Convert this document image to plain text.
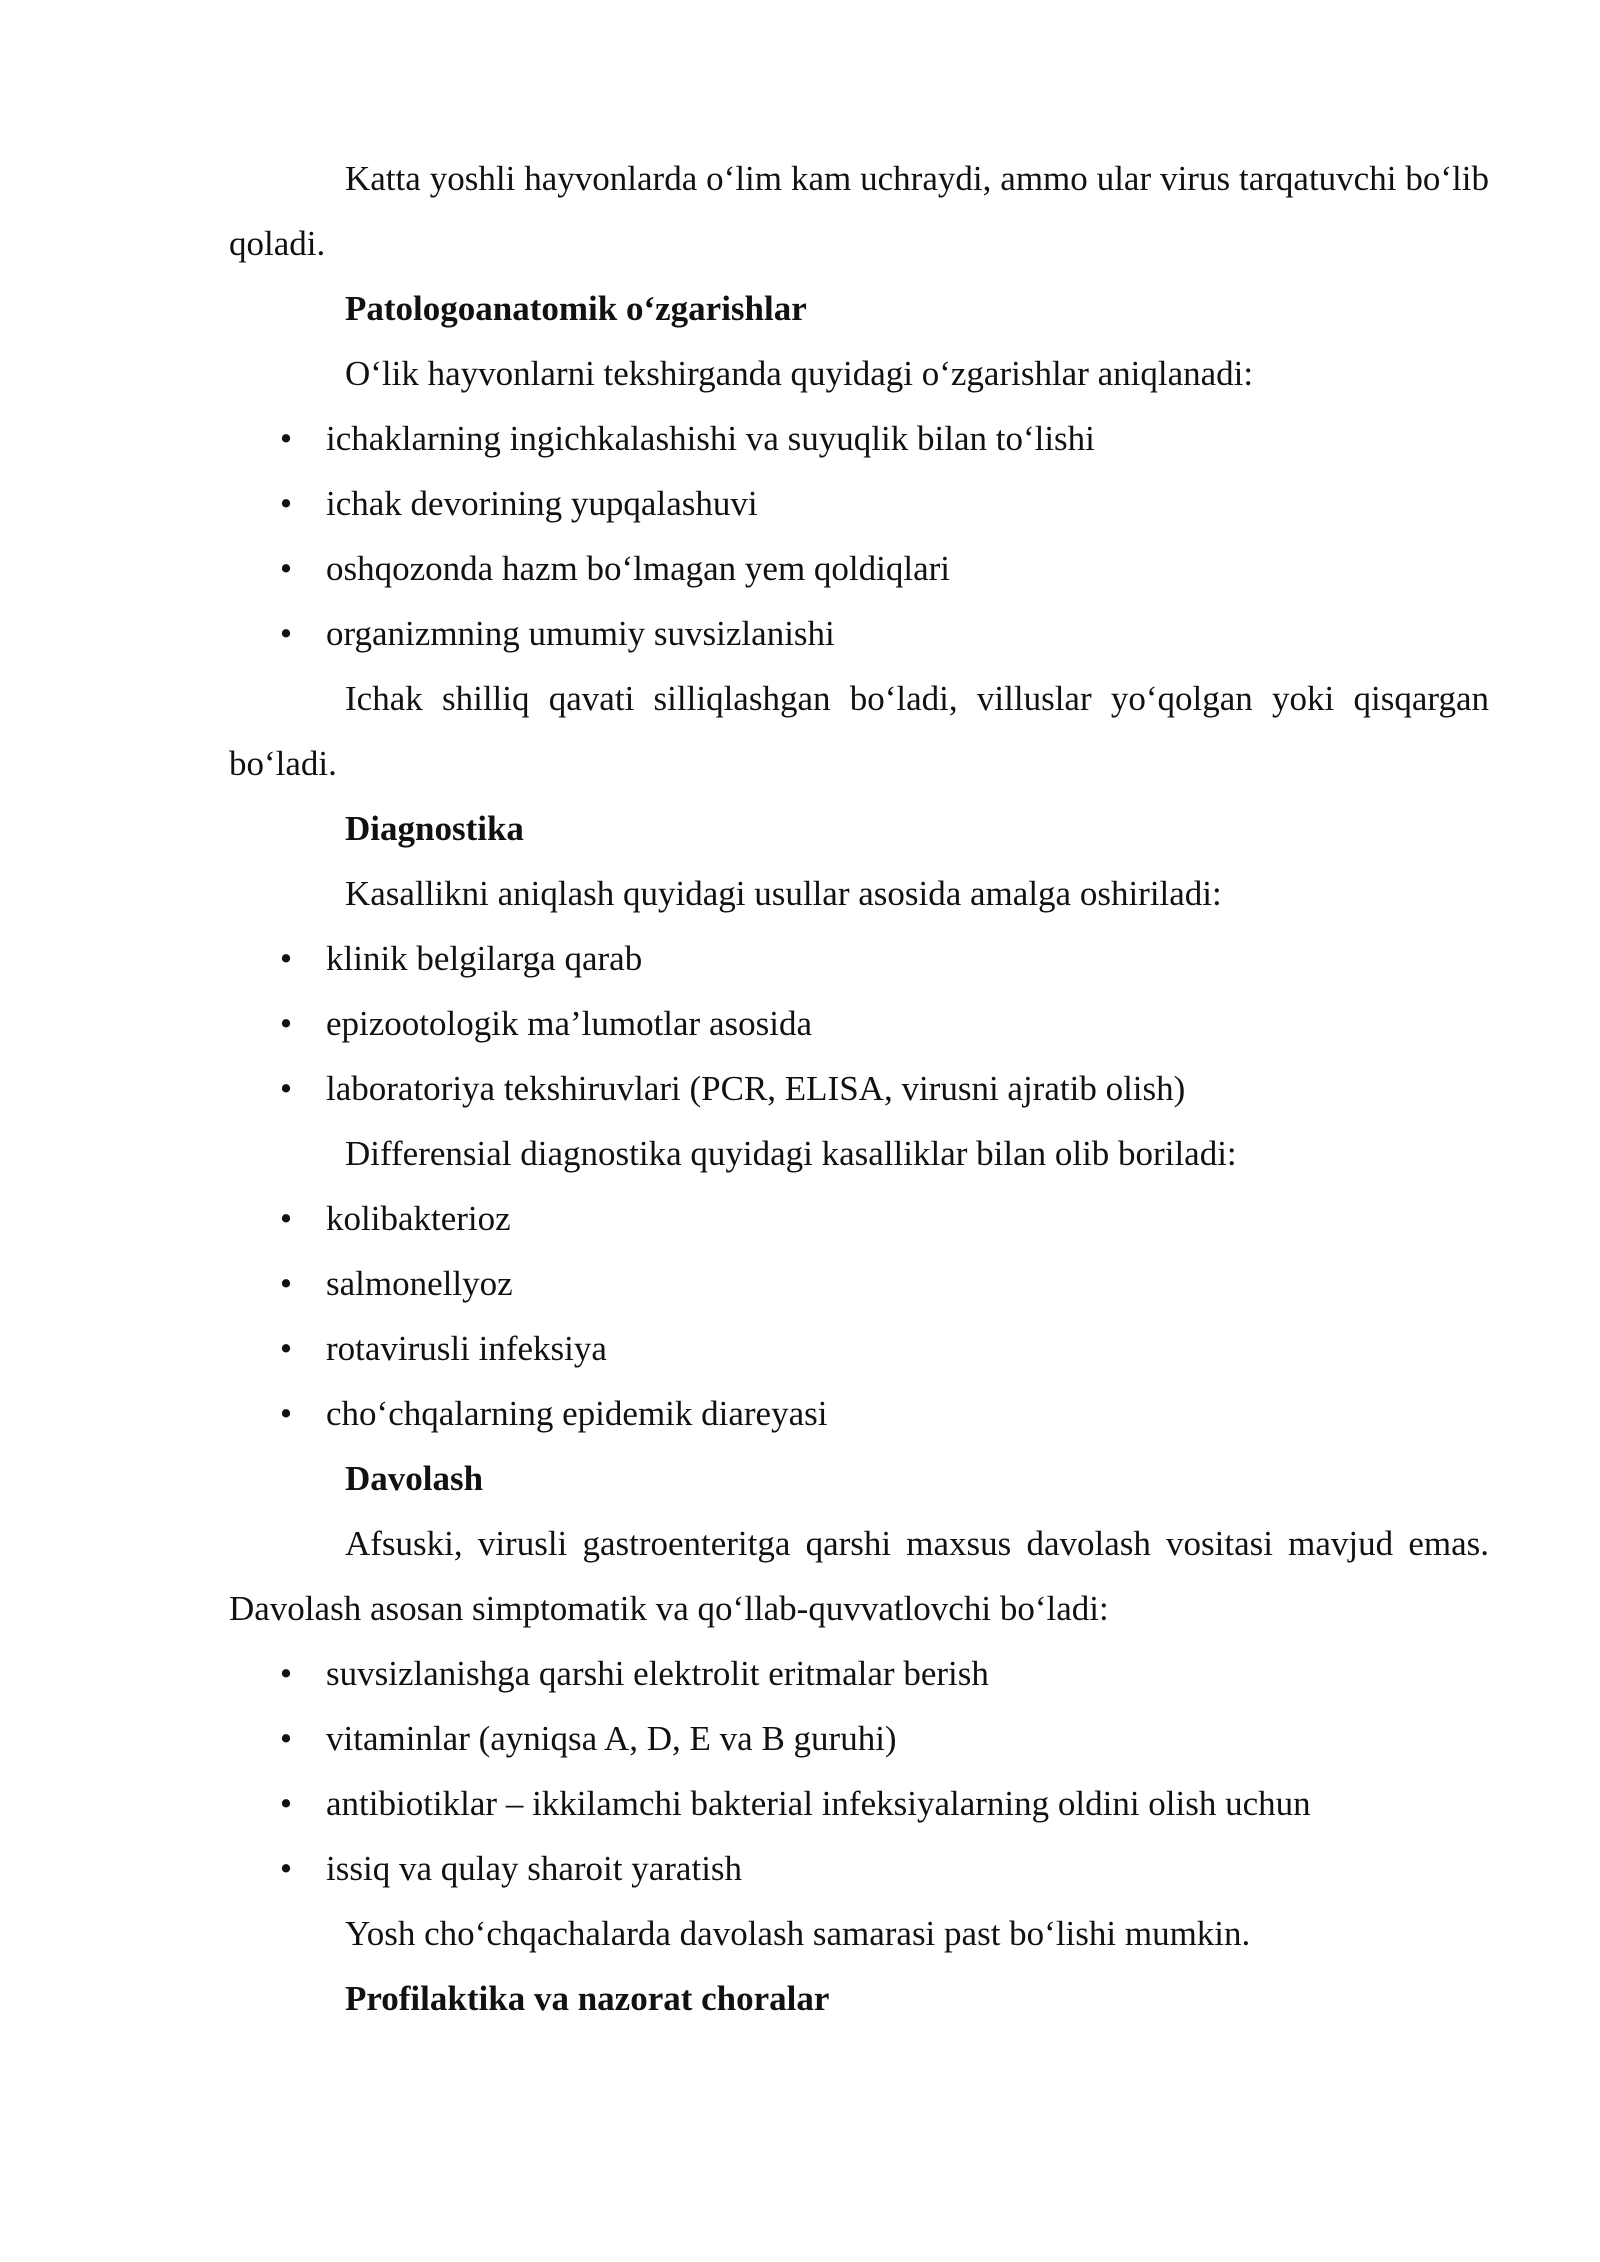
Katta yoshli hayvonlarda o‘lim kam uchraydi, ammo ular virus tarqatuvchi bo‘lib qoladi.

Patologoanatomik o‘zgarishlar

O‘lik hayvonlarni tekshirganda quyidagi o‘zgarishlar aniqlanadi:

• ichaklarning ingichkalashishi va suyuqlik bilan to‘lishi
• ichak devorining yupqalashuvi
• oshqozonda hazm bo‘lmagan yem qoldiqlari
• organizmning umumiy suvsizlanishi

Ichak shilliq qavati silliqlashgan bo‘ladi, villuslar yo‘qolgan yoki qisqargan bo‘ladi.

Diagnostika

Kasallikni aniqlash quyidagi usullar asosida amalga oshiriladi:

• klinik belgilarga qarab
• epizootologik ma’lumotlar asosida
• laboratoriya tekshiruvlari (PCR, ELISA, virusni ajratib olish)

Differensial diagnostika quyidagi kasalliklar bilan olib boriladi:

• kolibakterioz
• salmonellyoz
• rotavirusli infeksiya
• cho‘chqalarning epidemik diareyasi

Davolash

Afsuski, virusli gastroenteritga qarshi maxsus davolash vositasi mavjud emas. Davolash asosan simptomatik va qo‘llab-quvvatlovchi bo‘ladi:

• suvsizlanishga qarshi elektrolit eritmalar berish
• vitaminlar (ayniqsa A, D, E va B guruhi)
• antibiotiklar – ikkilamchi bakterial infeksiyalarning oldini olish uchun
• issiq va qulay sharoit yaratish

Yosh cho‘chqachalarda davolash samarasi past bo‘lishi mumkin.

Profilaktika va nazorat choralar
